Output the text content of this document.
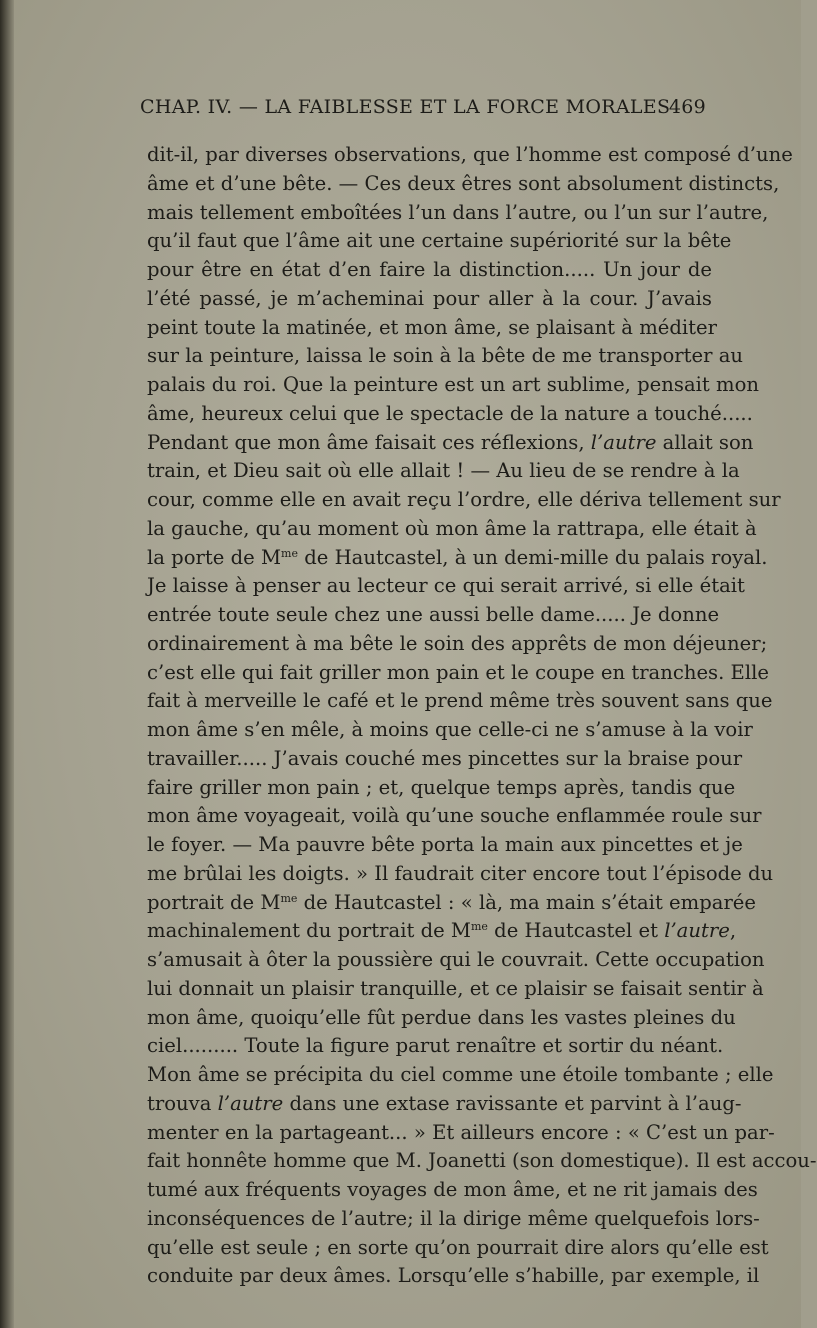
CHAP. IV. — LA FAIBLESSE ET LA FORCE MORALES
469
dit-il, par diverses observations, que l’homme est composé d’une
âme et d’une bête. — Ces deux êtres sont absolument distincts,
mais tellement emboîtées l’un dans l’autre, ou l’un sur l’autre,
qu’il faut que l’âme ait une certaine supériorité sur la bête
pour être en état d’en faire la distinction..... Un jour de
l’été passé, je m’acheminai pour aller à la cour. J’avais
peint toute la matinée, et mon âme, se plaisant à méditer
sur la peinture, laissa le soin à la bête de me transporter au
palais du roi. Que la peinture est un art sublime, pensait mon
âme, heureux celui que le spectacle de la nature a touché.....
Pendant que mon âme faisait ces réflexions, l’autre allait son
train, et Dieu sait où elle allait ! — Au lieu de se rendre à la
cour, comme elle en avait reçu l’ordre, elle dériva tellement sur
la gauche, qu’au moment où mon âme la rattrapa, elle était à
la porte de $M^{me}$ de Hautcastel, à un demi-mille du palais royal.
Je laisse à penser au lecteur ce qui serait arrivé, si elle était
entrée toute seule chez une aussi belle dame..... Je donne
ordinairement à ma bête le soin des apprêts de mon déjeuner;
c’est elle qui fait griller mon pain et le coupe en tranches. Elle
fait à merveille le café et le prend même très souvent sans que
mon âme s’en mêle, à moins que celle-ci ne s’amuse à la voir
travailler..... J’avais couché mes pincettes sur la braise pour
faire griller mon pain ; et, quelque temps après, tandis que
mon âme voyageait, voilà qu’une souche enflammée roule sur
le foyer. — Ma pauvre bête porta la main aux pincettes et je
me brûlai les doigts. » Il faudrait citer encore tout l’épisode du
portrait de $M^{me}$ de Hautcastel : « là, ma main s’était emparée
machinalement du portrait de $M^{me}$ de Hautcastel et l’autre,
s’amusait à ôter la poussière qui le couvrait. Cette occupation
lui donnait un plaisir tranquille, et ce plaisir se faisait sentir à
mon âme, quoiqu’elle fût perdue dans les vastes pleines du
ciel......... Toute la figure parut renaître et sortir du néant.
Mon âme se précipita du ciel comme une étoile tombante ; elle
trouva l’autre dans une extase ravissante et parvint à l’aug-
menter en la partageant... » Et ailleurs encore : « C’est un par-
fait honnête homme que M. Joanetti (son domestique). Il est accou-
tumé aux fréquents voyages de mon âme, et ne rit jamais des
inconséquences de l’autre; il la dirige même quelquefois lors-
qu’elle est seule ; en sorte qu’on pourrait dire alors qu’elle est
conduite par deux âmes. Lorsqu’elle s’habille, par exemple, il
